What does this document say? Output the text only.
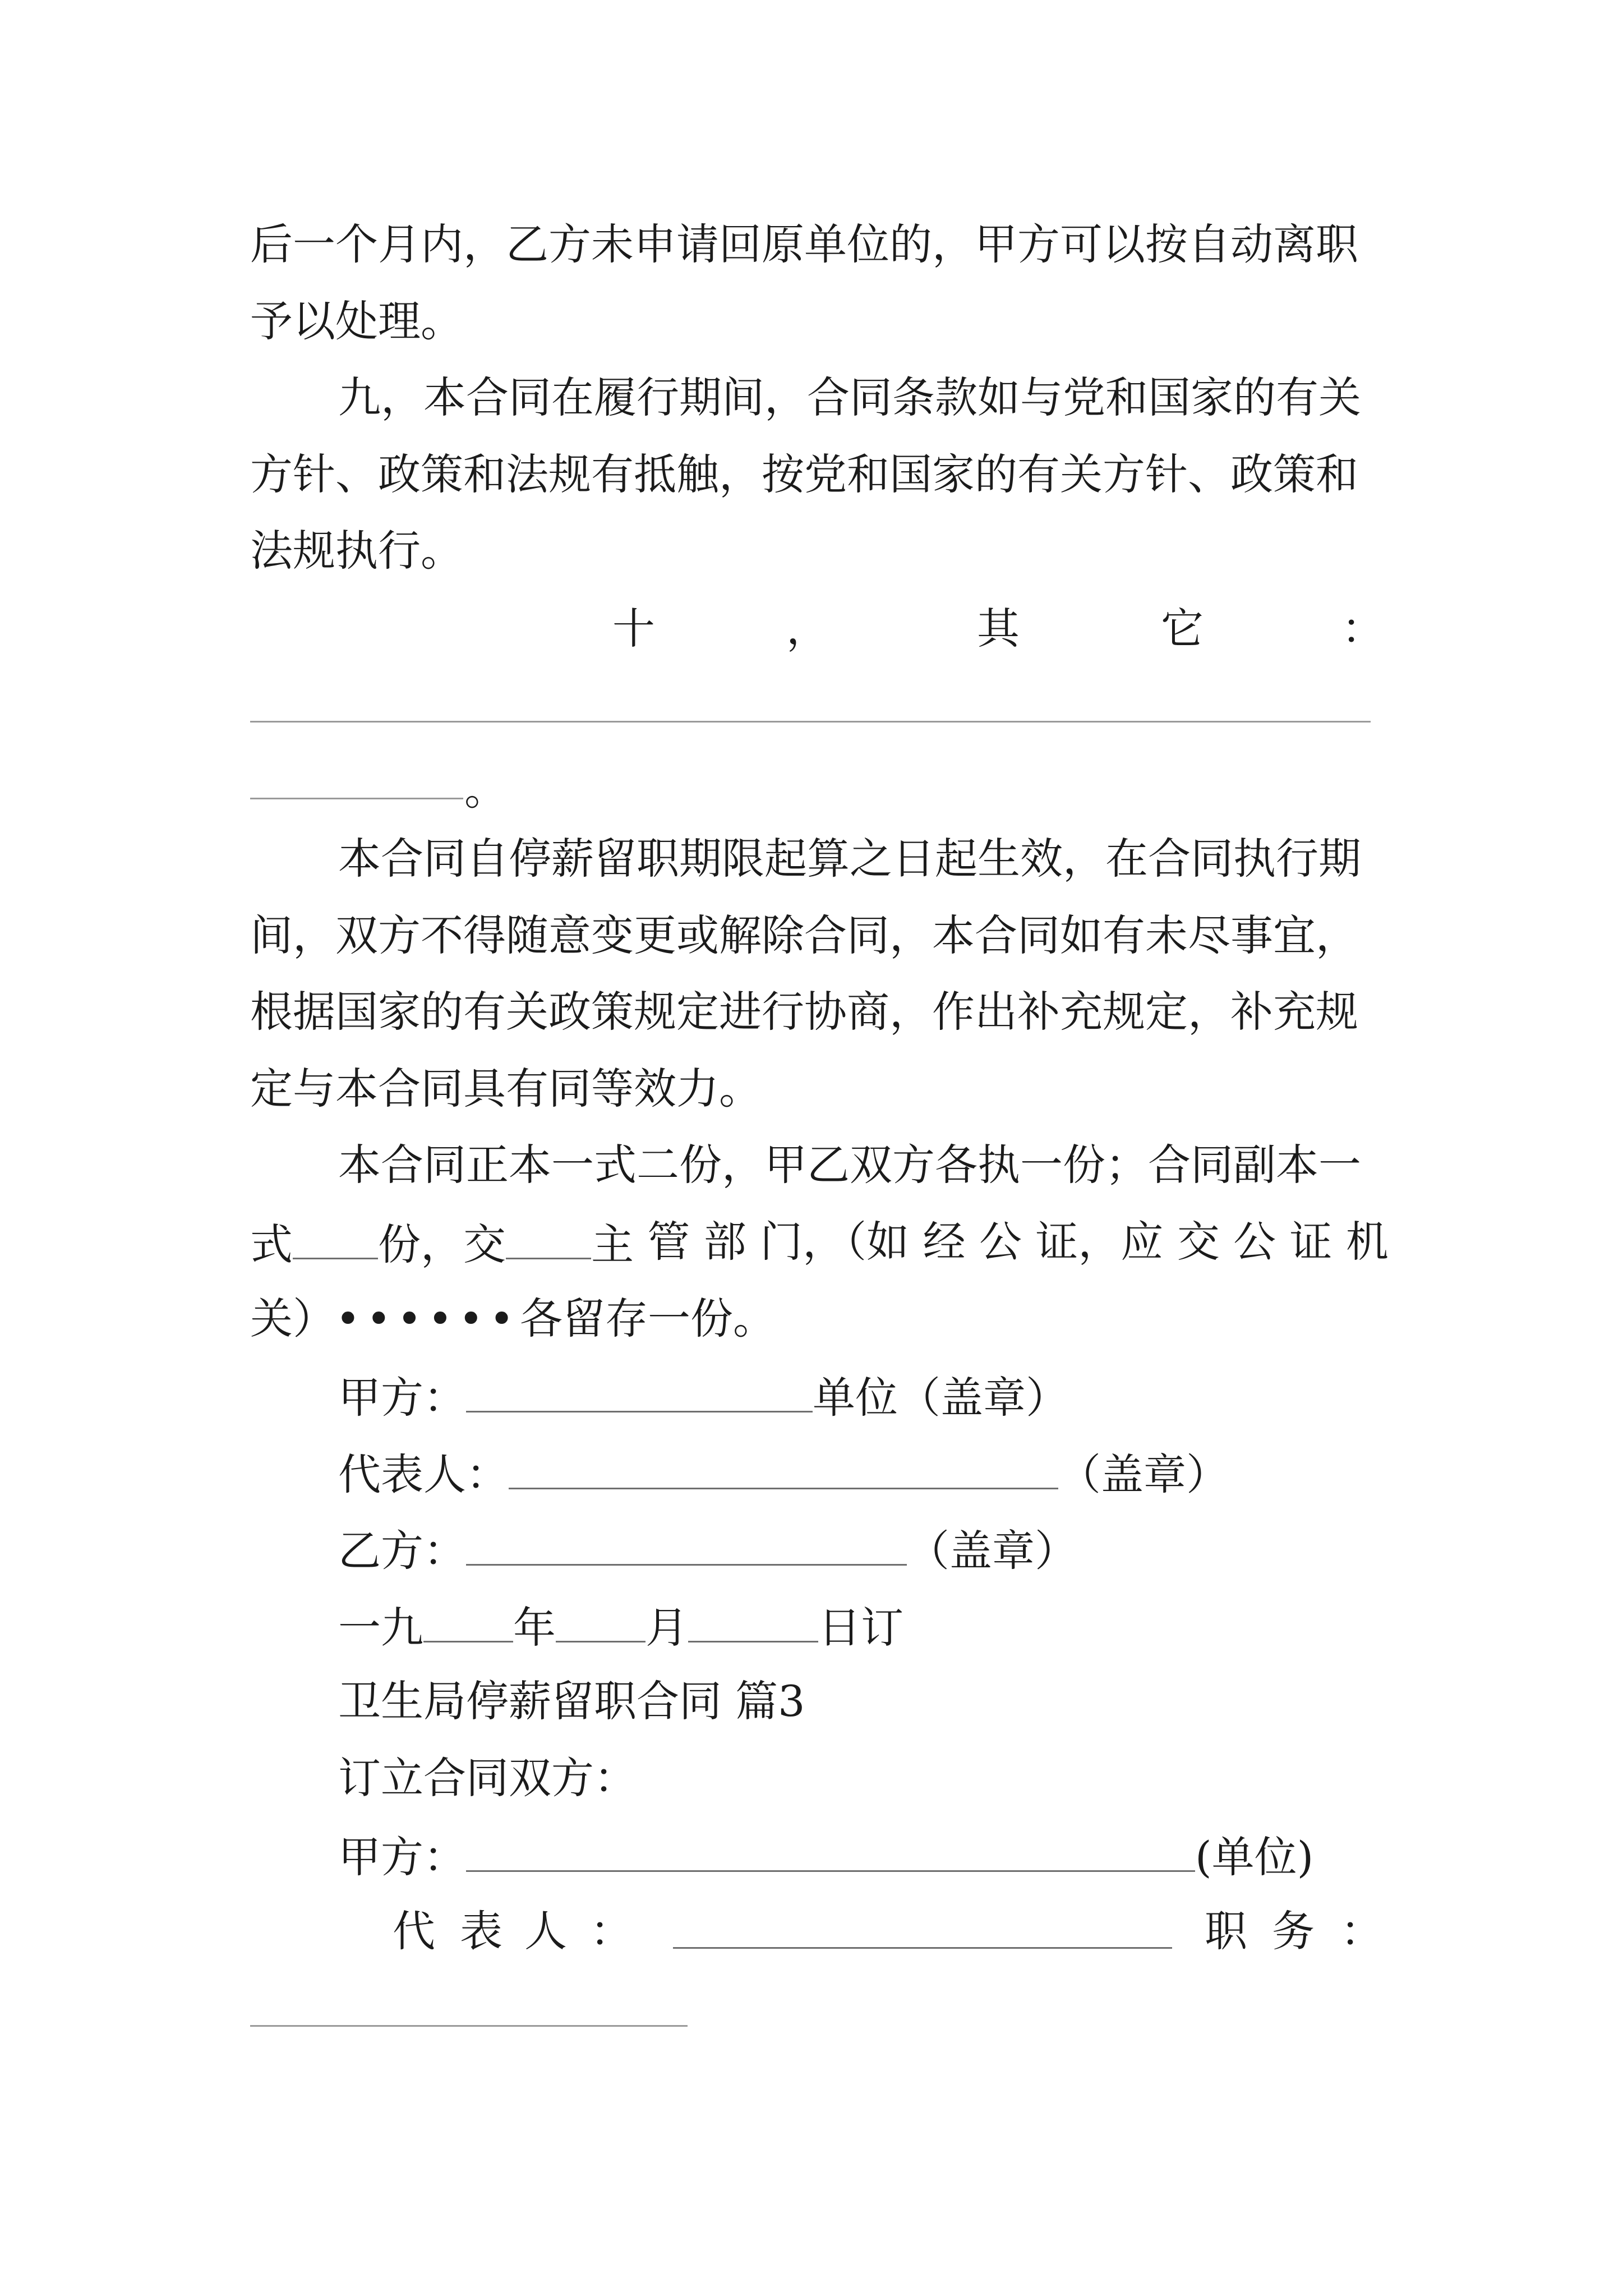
后一个月内，乙方未申请回原单位的，甲方可以按自动离职
予以处理。
九，本合同在履行期间，合同条款如与党和国家的有关
方针、政策和法规有抵触，按党和国家的有关方针、政策和
法规执行。
十	，	其	它	：
。
本合同自停薪留职期限起算之日起生效，在合同执行期
间，双方不得随意变更或解除合同，本合同如有未尽事宜，
根据国家的有关政策规定进行协商，作出补充规定，补充规
定与本合同具有同等效力。
本合同正本一式二份，甲乙双方各执一份；合同副本一
式 份，交 主 管 部 门，（如 经 公 证，应 交 公 证 机
关）••••••各留存一份。
甲方：	单位（盖章）
代表人：	（盖章）
乙方：	（盖章）
一九 年 月	日订
卫生局停薪留职合同 篇3
订立合同双方：
甲方：	(单位)
代 表 人 ：	职 务 ：
